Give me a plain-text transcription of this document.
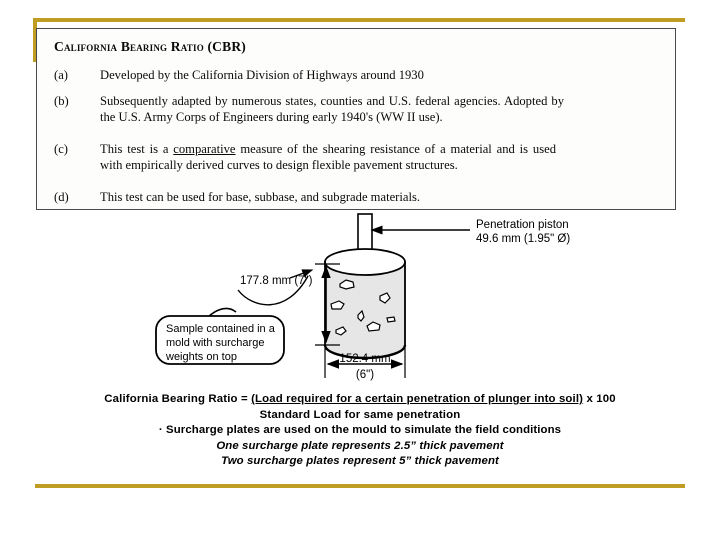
California Bearing Ratio (CBR)
(a)	Developed by the California Division of Highways around 1930
(b)	Subsequently adapted by numerous states, counties and U.S. federal agencies. Adopted by the U.S. Army Corps of Engineers during early 1940's (WW II use).
(c)	This test is a comparative measure of the shearing resistance of a material and is used with empirically derived curves to design flexible pavement structures.
(d)	This test can be used for base, subbase, and subgrade materials.
Penetration piston
49.6 mm (1.95" Ø)
177.8 mm (7")
152.4 mm
(6")
Sample contained in a
mold with surcharge
weights on top
California Bearing Ratio = (Load required for a certain penetration of plunger into soil) x 100
Standard Load for same penetration
· Surcharge plates are used on the mould to simulate the field conditions
One surcharge plate represents 2.5” thick pavement
Two surcharge plates represent 5” thick pavement
